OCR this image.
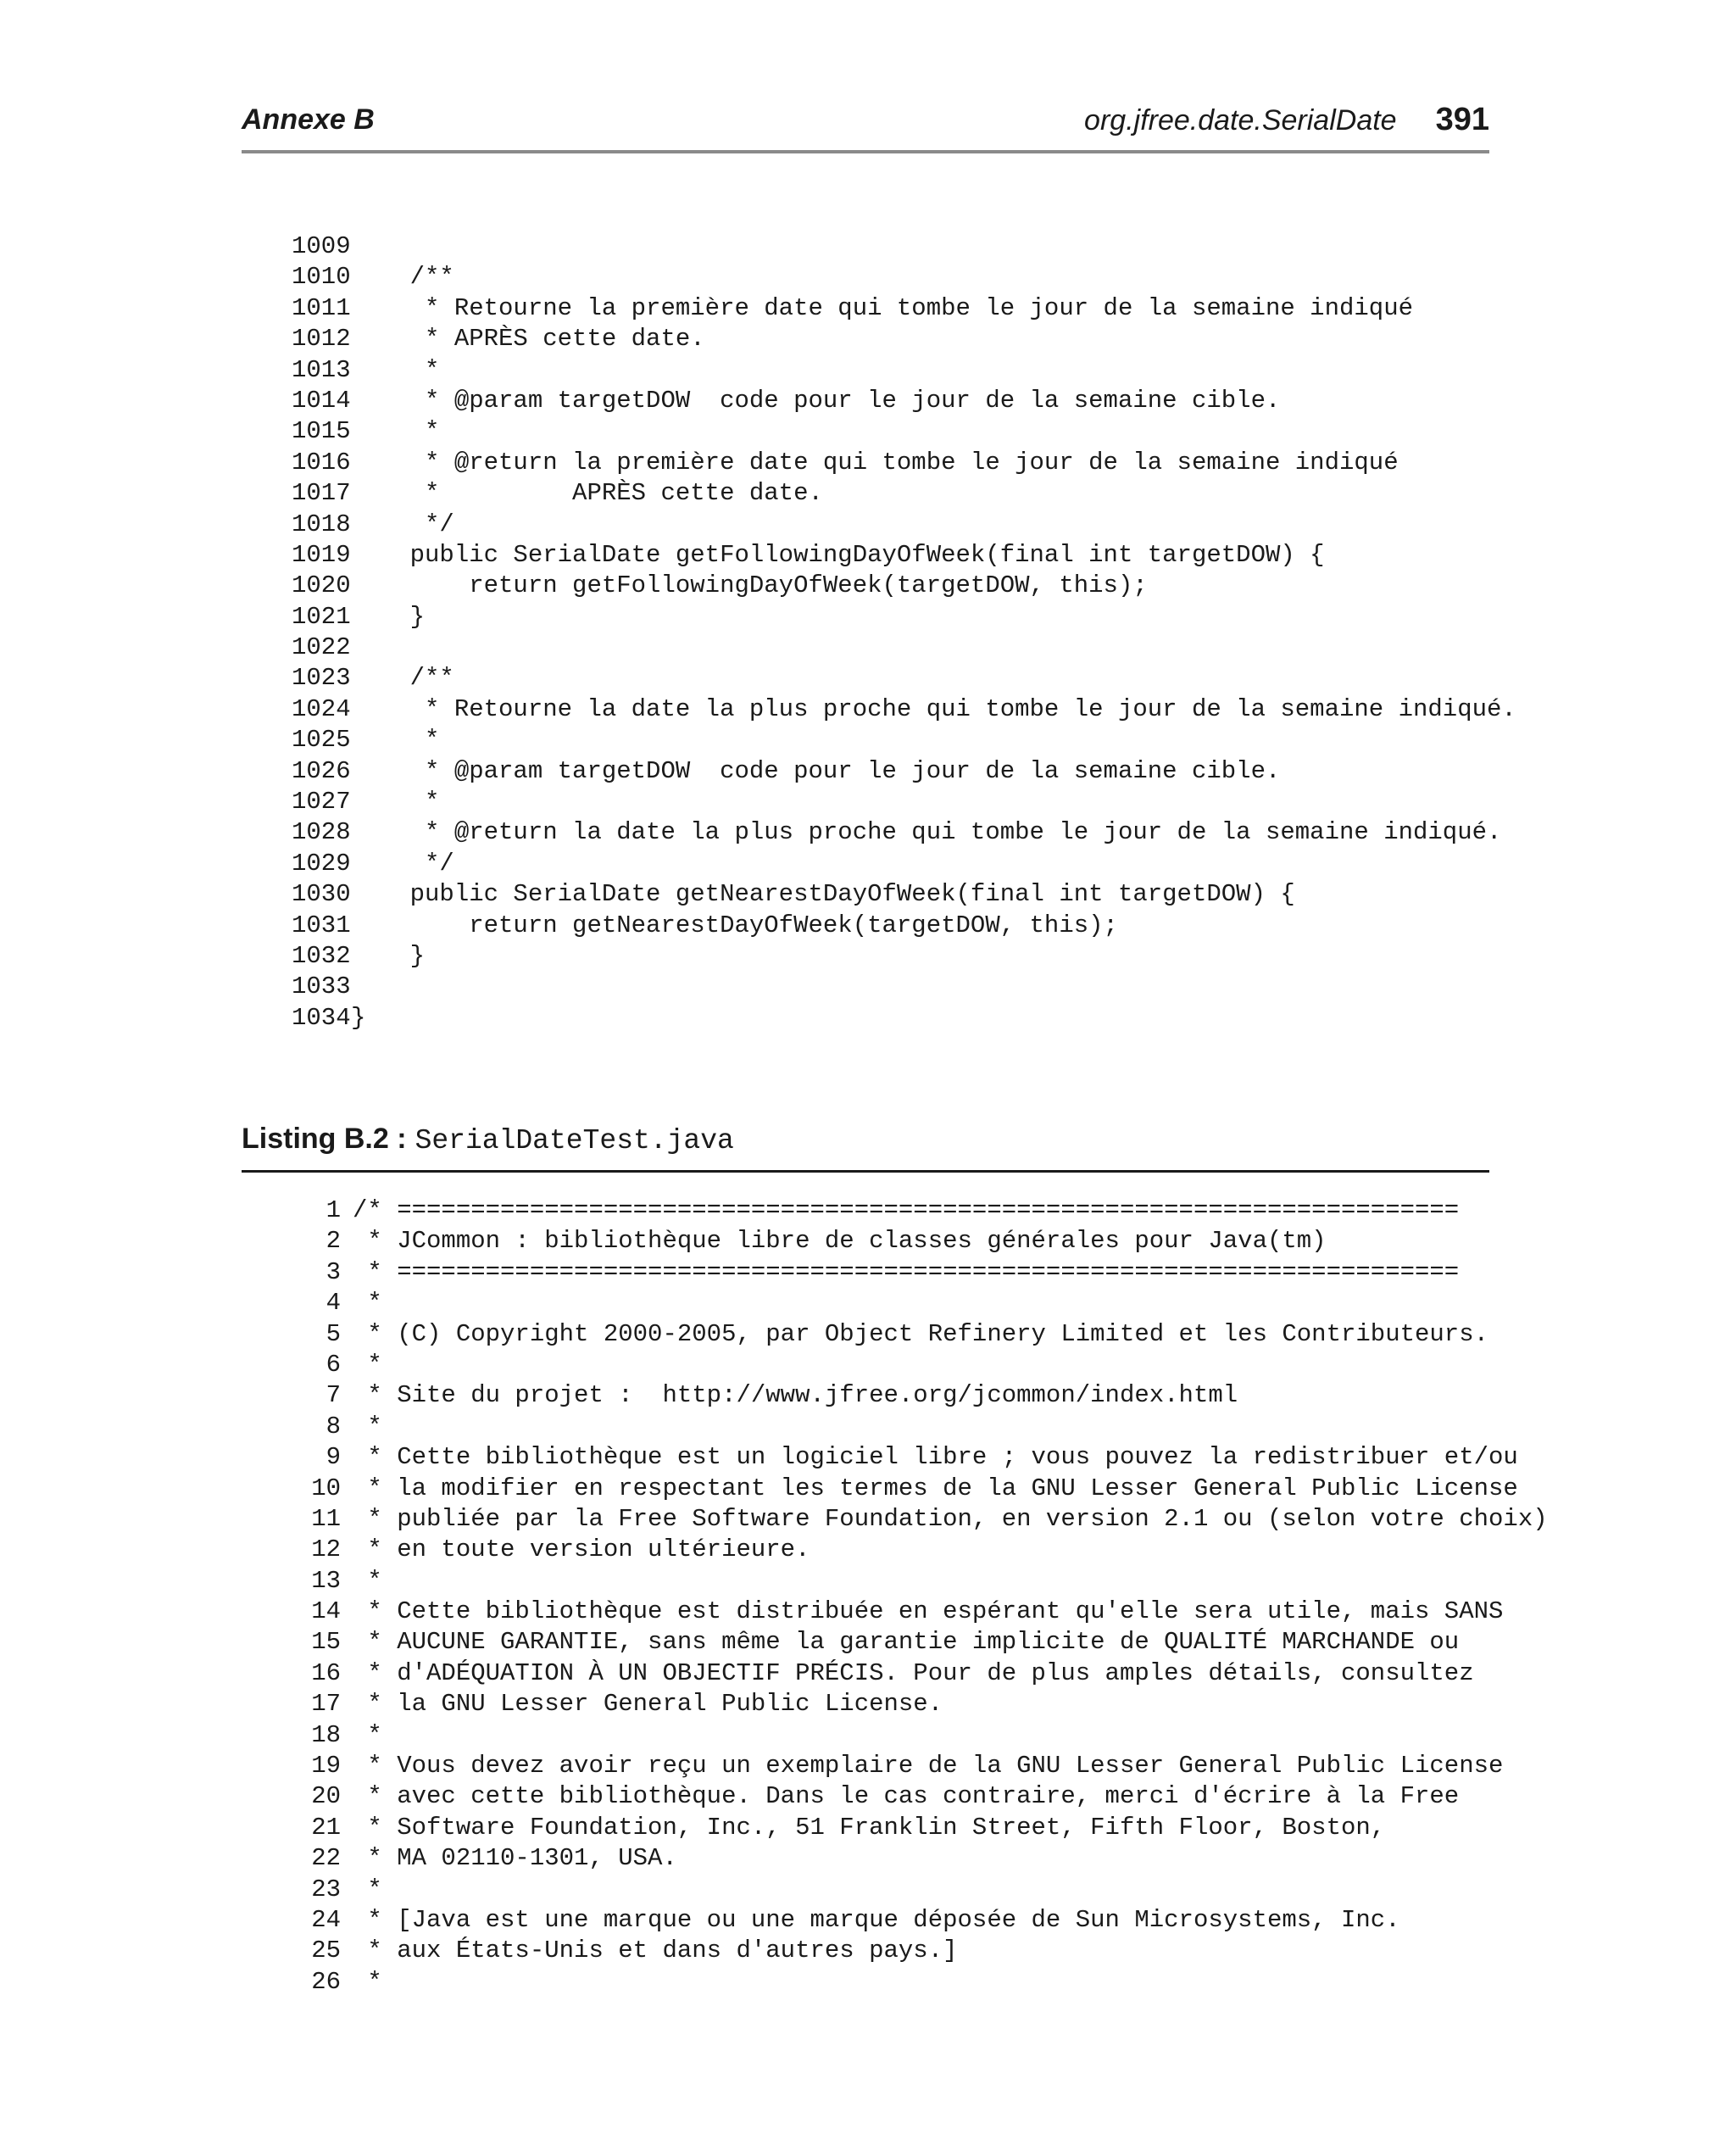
Annexe B	org.jfree.date.SerialDate 391
1009
1010    /**
1011     * Retourne la première date qui tombe le jour de la semaine indiqué
1012     * APRÈS cette date.
1013     *
1014     * @param targetDOW  code pour le jour de la semaine cible.
1015     *
1016     * @return la première date qui tombe le jour de la semaine indiqué
1017     *         APRÈS cette date.
1018     */
1019    public SerialDate getFollowingDayOfWeek(final int targetDOW) {
1020        return getFollowingDayOfWeek(targetDOW, this);
1021    }
1022
1023    /**
1024     * Retourne la date la plus proche qui tombe le jour de la semaine indiqué.
1025     *
1026     * @param targetDOW  code pour le jour de la semaine cible.
1027     *
1028     * @return la date la plus proche qui tombe le jour de la semaine indiqué.
1029     */
1030    public SerialDate getNearestDayOfWeek(final int targetDOW) {
1031        return getNearestDayOfWeek(targetDOW, this);
1032    }
1033
1034}
Listing B.2 : SerialDateTest.java
1 /* ========================================================================
2 * JCommon : bibliothèque libre de classes générales pour Java(tm)
3 * ========================================================================
4 *
5 * (C) Copyright 2000-2005, par Object Refinery Limited et les Contributeurs.
6 *
7 * Site du projet :  http://www.jfree.org/jcommon/index.html
8 *
9 * Cette bibliothèque est un logiciel libre ; vous pouvez la redistribuer et/ou
10 * la modifier en respectant les termes de la GNU Lesser General Public License
11 * publiée par la Free Software Foundation, en version 2.1 ou (selon votre choix)
12 * en toute version ultérieure.
13 *
14 * Cette bibliothèque est distribuée en espérant qu'elle sera utile, mais SANS
15 * AUCUNE GARANTIE, sans même la garantie implicite de QUALITÉ MARCHANDE ou
16 * d'ADÉQUATION À UN OBJECTIF PRÉCIS. Pour de plus amples détails, consultez
17 * la GNU Lesser General Public License.
18 *
19 * Vous devez avoir reçu un exemplaire de la GNU Lesser General Public License
20 * avec cette bibliothèque. Dans le cas contraire, merci d'écrire à la Free
21 * Software Foundation, Inc., 51 Franklin Street, Fifth Floor, Boston,
22 * MA 02110-1301, USA.
23 *
24 * [Java est une marque ou une marque déposée de Sun Microsystems, Inc.
25 * aux États-Unis et dans d'autres pays.]
26 *
